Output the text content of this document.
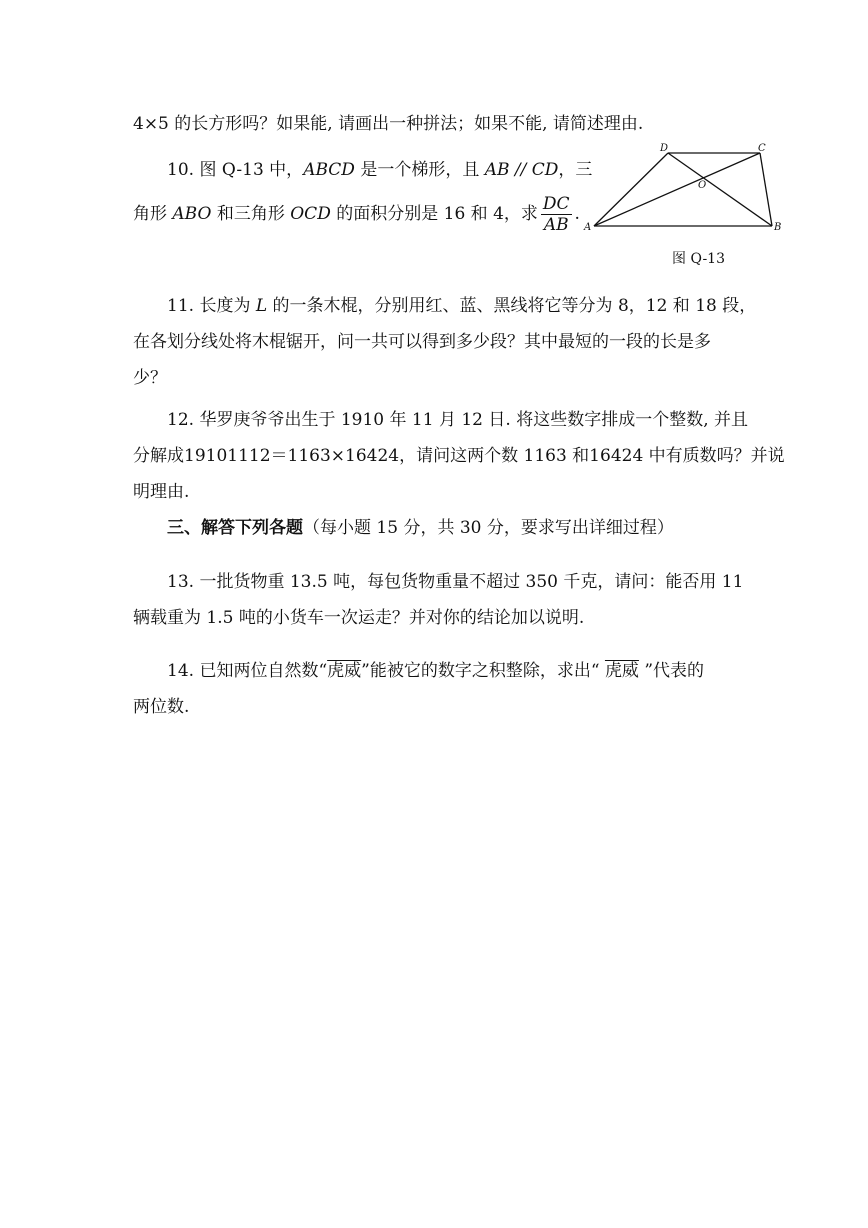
4×5 的长方形吗？如果能, 请画出一种拼法；如果不能, 请简述理由.
10. 图 Q-13 中，ABCD 是一个梯形，且 AB // CD，三
角形 ABO 和三角形 OCD 的面积分别是 16 和 4，求 $\frac{DC}{AB}$ .
D	C
A	B
O
图 Q-13
11. 长度为 L 的一条木棍，分别用红、蓝、黑线将它等分为 8，12 和 18 段，
在各划分线处将木棍锯开，问一共可以得到多少段？其中最短的一段的长是多
少？
12. 华罗庚爷爷出生于 1910 年 11 月 12 日. 将这些数字排成一个整数, 并且
分解成19101112＝1163×16424，请问这两个数 1163 和16424 中有质数吗？并说
明理由.
三、解答下列各题（每小题 15 分，共 30 分，要求写出详细过程）
13. 一批货物重 13.5 吨，每包货物重量不超过 350 千克，请问：能否用 11
辆载重为 1.5 吨的小货车一次运走？并对你的结论加以说明.
14. 已知两位自然数“虎威”能被它的数字之积整除，求出“ 虎威 ”代表的
两位数.
